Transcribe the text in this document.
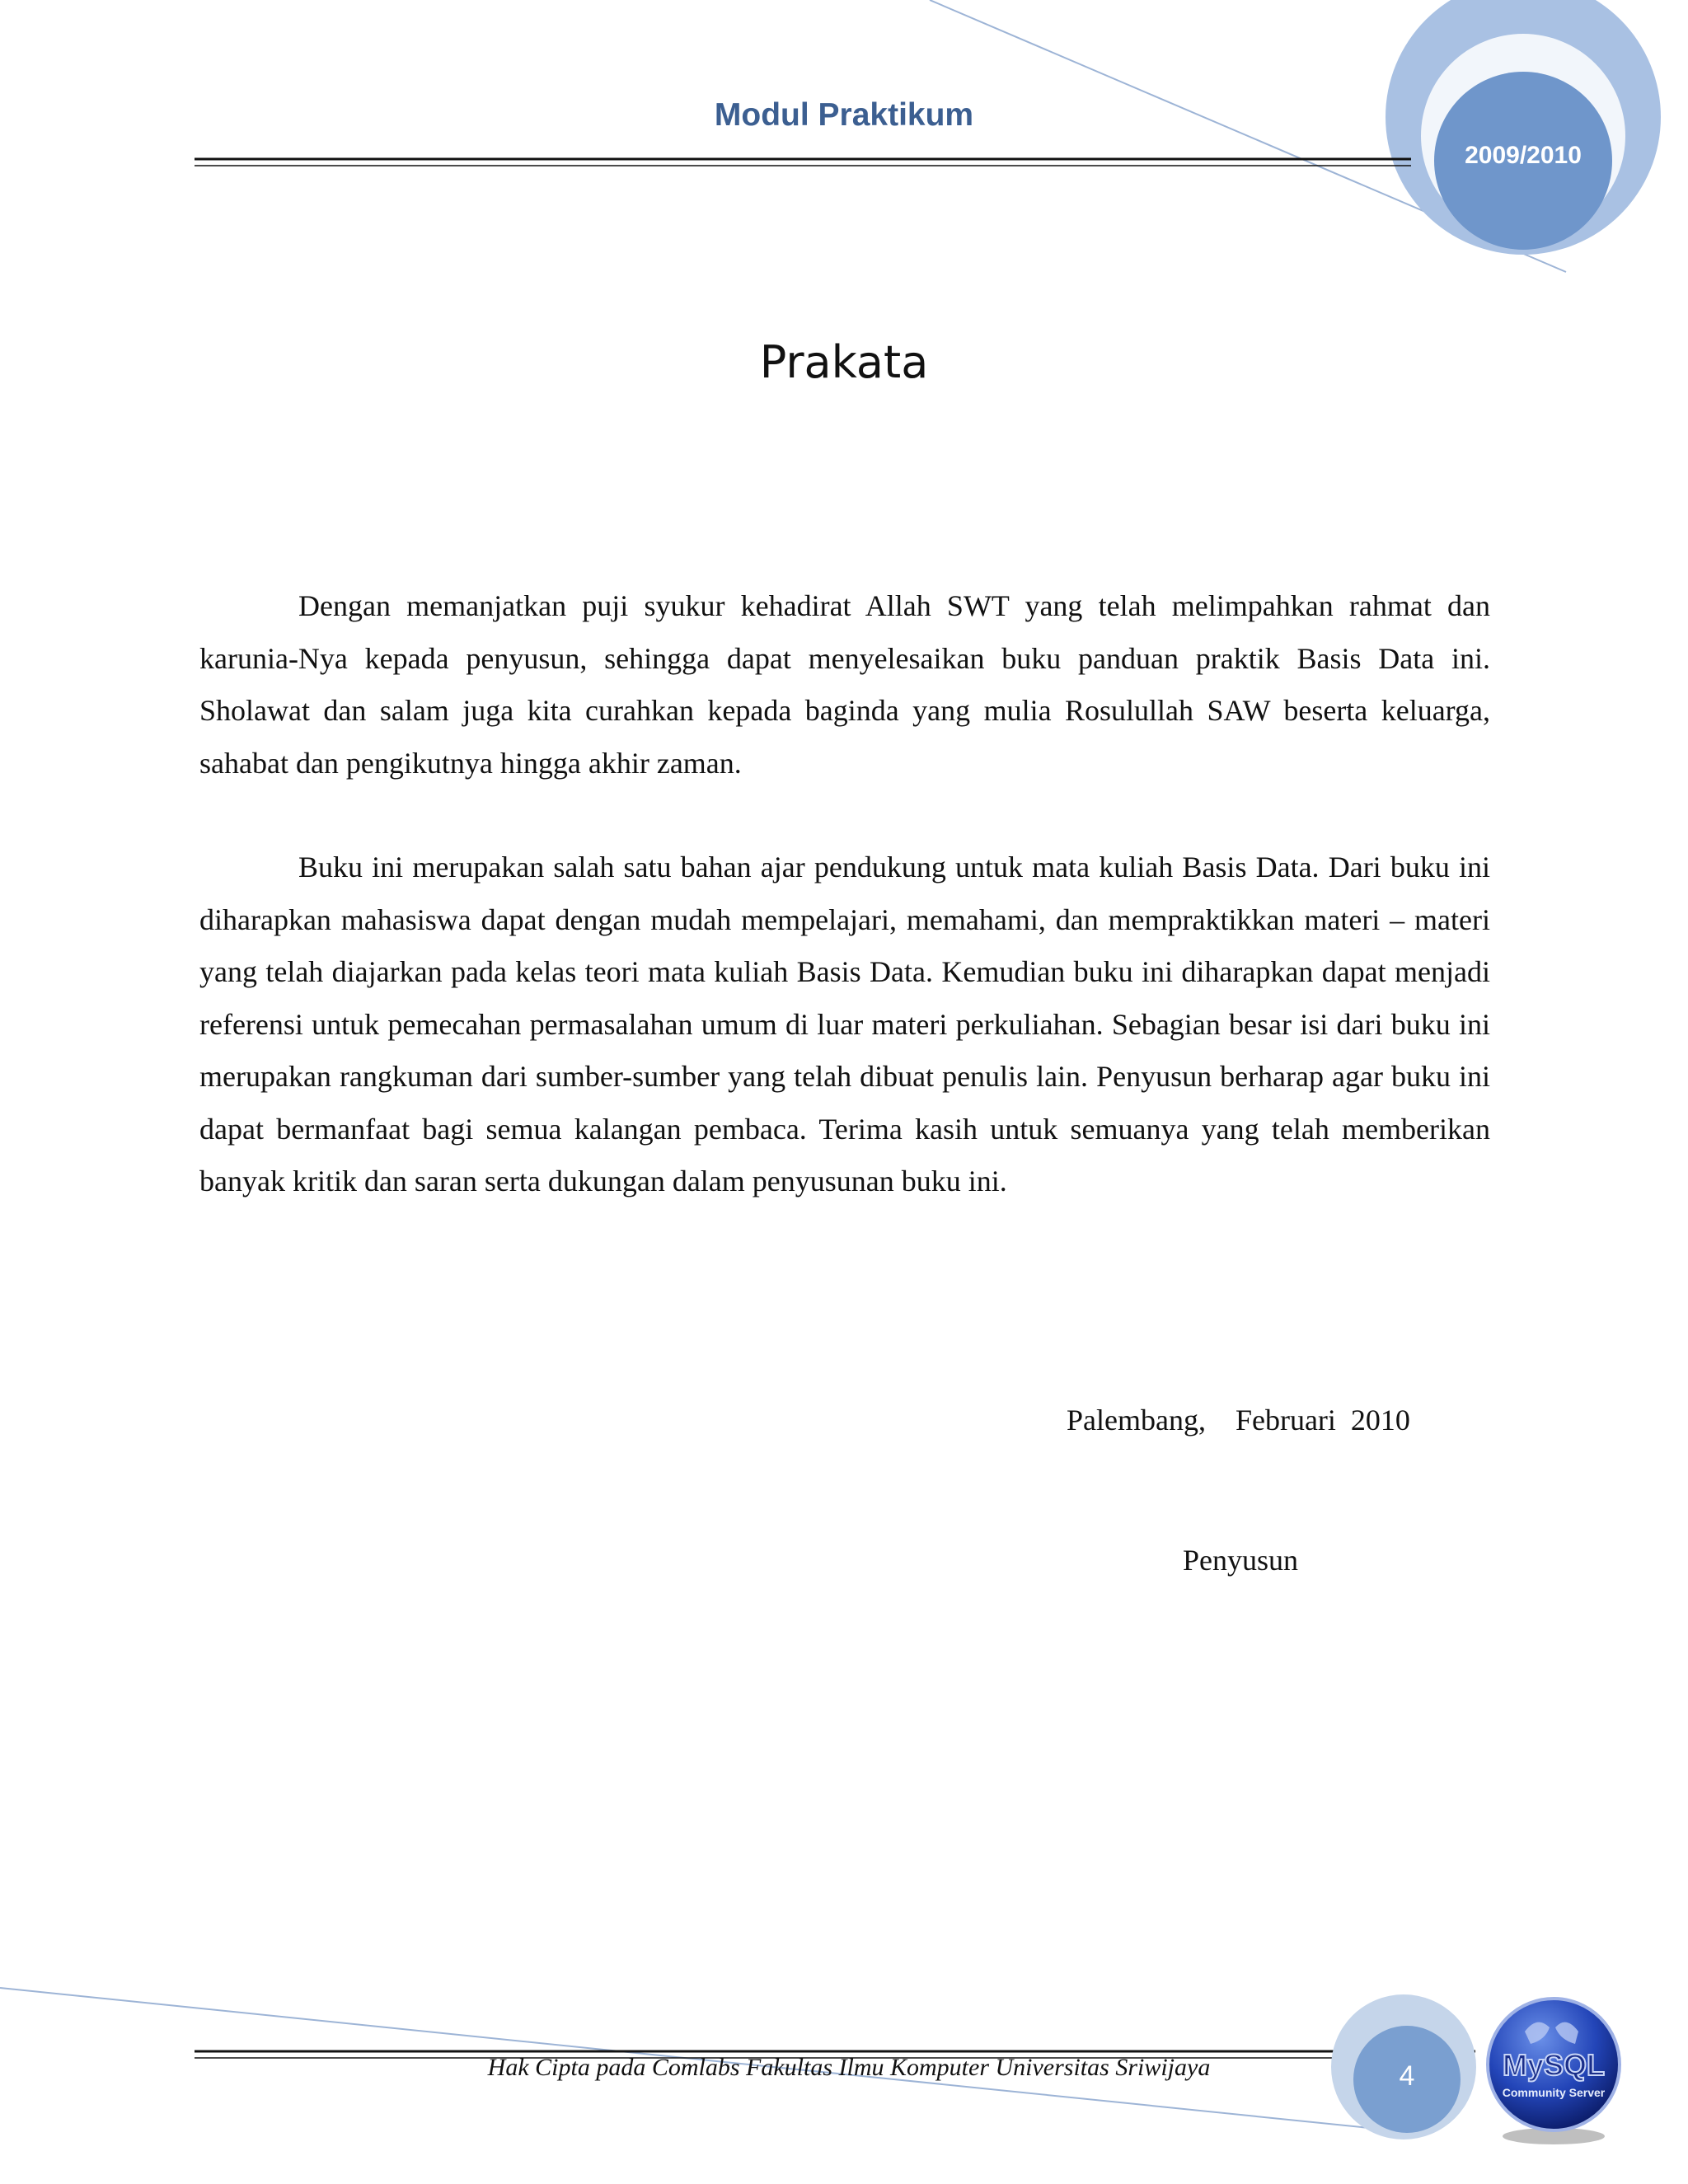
Modul Praktikum
2009/2010
Prakata

Dengan memanjatkan puji syukur kehadirat Allah SWT yang telah melimpahkan rahmat dan karunia-Nya kepada penyusun, sehingga dapat menyelesaikan buku panduan praktik Basis Data ini. Sholawat dan salam juga kita curahkan kepada baginda yang mulia Rosulullah SAW beserta keluarga, sahabat dan pengikutnya hingga akhir zaman.

Buku ini merupakan salah satu bahan ajar pendukung untuk mata kuliah Basis Data. Dari buku ini diharapkan mahasiswa dapat dengan mudah mempelajari, memahami, dan mempraktikkan materi – materi yang telah diajarkan pada kelas teori mata kuliah Basis Data. Kemudian buku ini diharapkan dapat menjadi referensi untuk pemecahan permasalahan umum di luar materi perkuliahan. Sebagian besar isi dari buku ini merupakan rangkuman dari sumber-sumber yang telah dibuat penulis lain. Penyusun berharap agar buku ini dapat bermanfaat bagi semua kalangan pembaca. Terima kasih untuk semuanya yang telah memberikan banyak kritik dan saran serta dukungan dalam penyusunan buku ini.

Palembang,    Februari  2010
Penyusun
Hak Cipta pada Comlabs Fakultas Ilmu Komputer Universitas Sriwijaya	4	MySQL
Community Server
